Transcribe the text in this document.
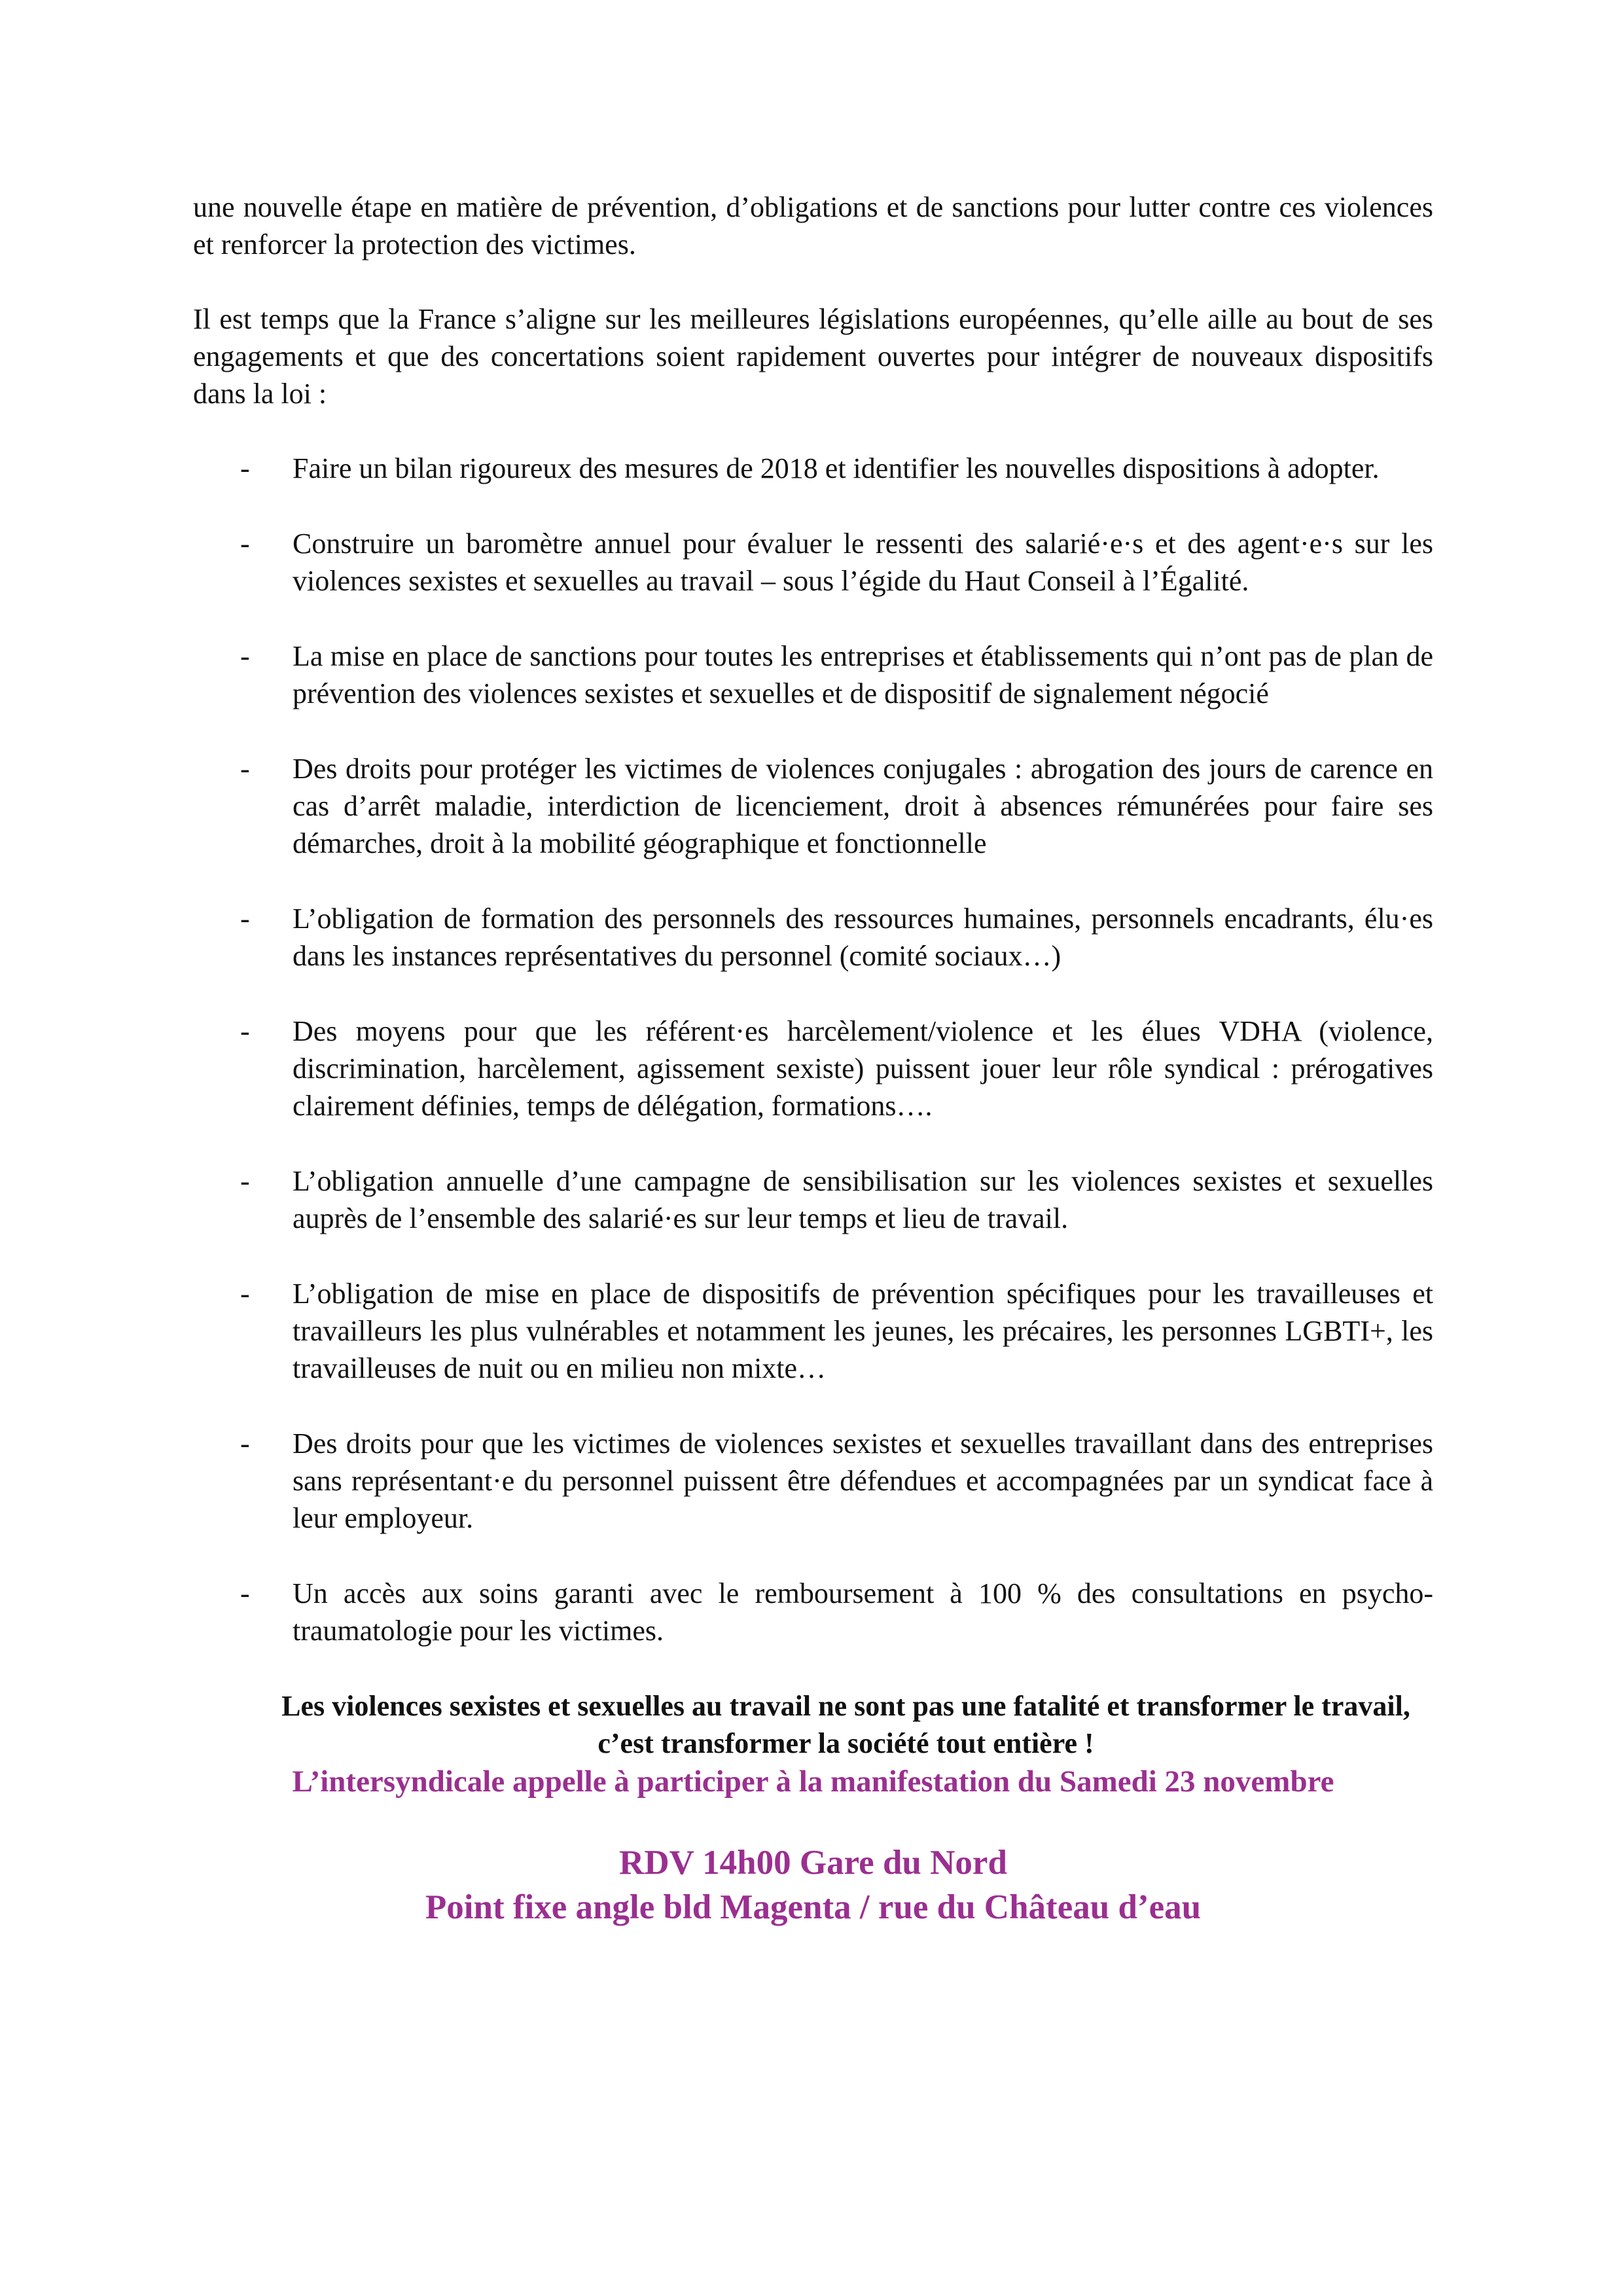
une nouvelle étape en matière de prévention, d’obligations et de sanctions pour lutter contre ces violences et renforcer la protection des victimes.

Il est temps que la France s’aligne sur les meilleures législations européennes, qu’elle aille au bout de ses engagements et que des concertations soient rapidement ouvertes pour intégrer de nouveaux dispositifs dans la loi :

- Faire un bilan rigoureux des mesures de 2018 et identifier les nouvelles dispositions à adopter.
- Construire un baromètre annuel pour évaluer le ressenti des salarié·e·s et des agent·e·s sur les violences sexistes et sexuelles au travail – sous l’égide du Haut Conseil à l’Égalité.
- La mise en place de sanctions pour toutes les entreprises et établissements qui n’ont pas de plan de prévention des violences sexistes et sexuelles et de dispositif de signalement négocié
- Des droits pour protéger les victimes de violences conjugales : abrogation des jours de carence en cas d’arrêt maladie, interdiction de licenciement, droit à absences rémunérées pour faire ses démarches, droit à la mobilité géographique et fonctionnelle
- L’obligation de formation des personnels des ressources humaines, personnels encadrants, élu·es dans les instances représentatives du personnel (comité sociaux…)
- Des moyens pour que les référent·es harcèlement/violence et les élues VDHA (violence, discrimination, harcèlement, agissement sexiste) puissent jouer leur rôle syndical : prérogatives clairement définies, temps de délégation, formations….
- L’obligation annuelle d’une campagne de sensibilisation sur les violences sexistes et sexuelles auprès de l’ensemble des salarié·es sur leur temps et lieu de travail.
- L’obligation de mise en place de dispositifs de prévention spécifiques pour les travailleuses et travailleurs les plus vulnérables et notamment les jeunes, les précaires, les personnes LGBTI+, les travailleuses de nuit ou en milieu non mixte…
- Des droits pour que les victimes de violences sexistes et sexuelles travaillant dans des entreprises sans représentant·e du personnel puissent être défendues et accompagnées par un syndicat face à leur employeur.
- Un accès aux soins garanti avec le remboursement à 100 % des consultations en psycho-traumatologie pour les victimes.

Les violences sexistes et sexuelles au travail ne sont pas une fatalité et transformer le travail, c’est transformer la société tout entière !

L’intersyndicale appelle à participer à la manifestation du Samedi 23 novembre

RDV 14h00 Gare du Nord

Point fixe angle bld Magenta / rue du Château d’eau
